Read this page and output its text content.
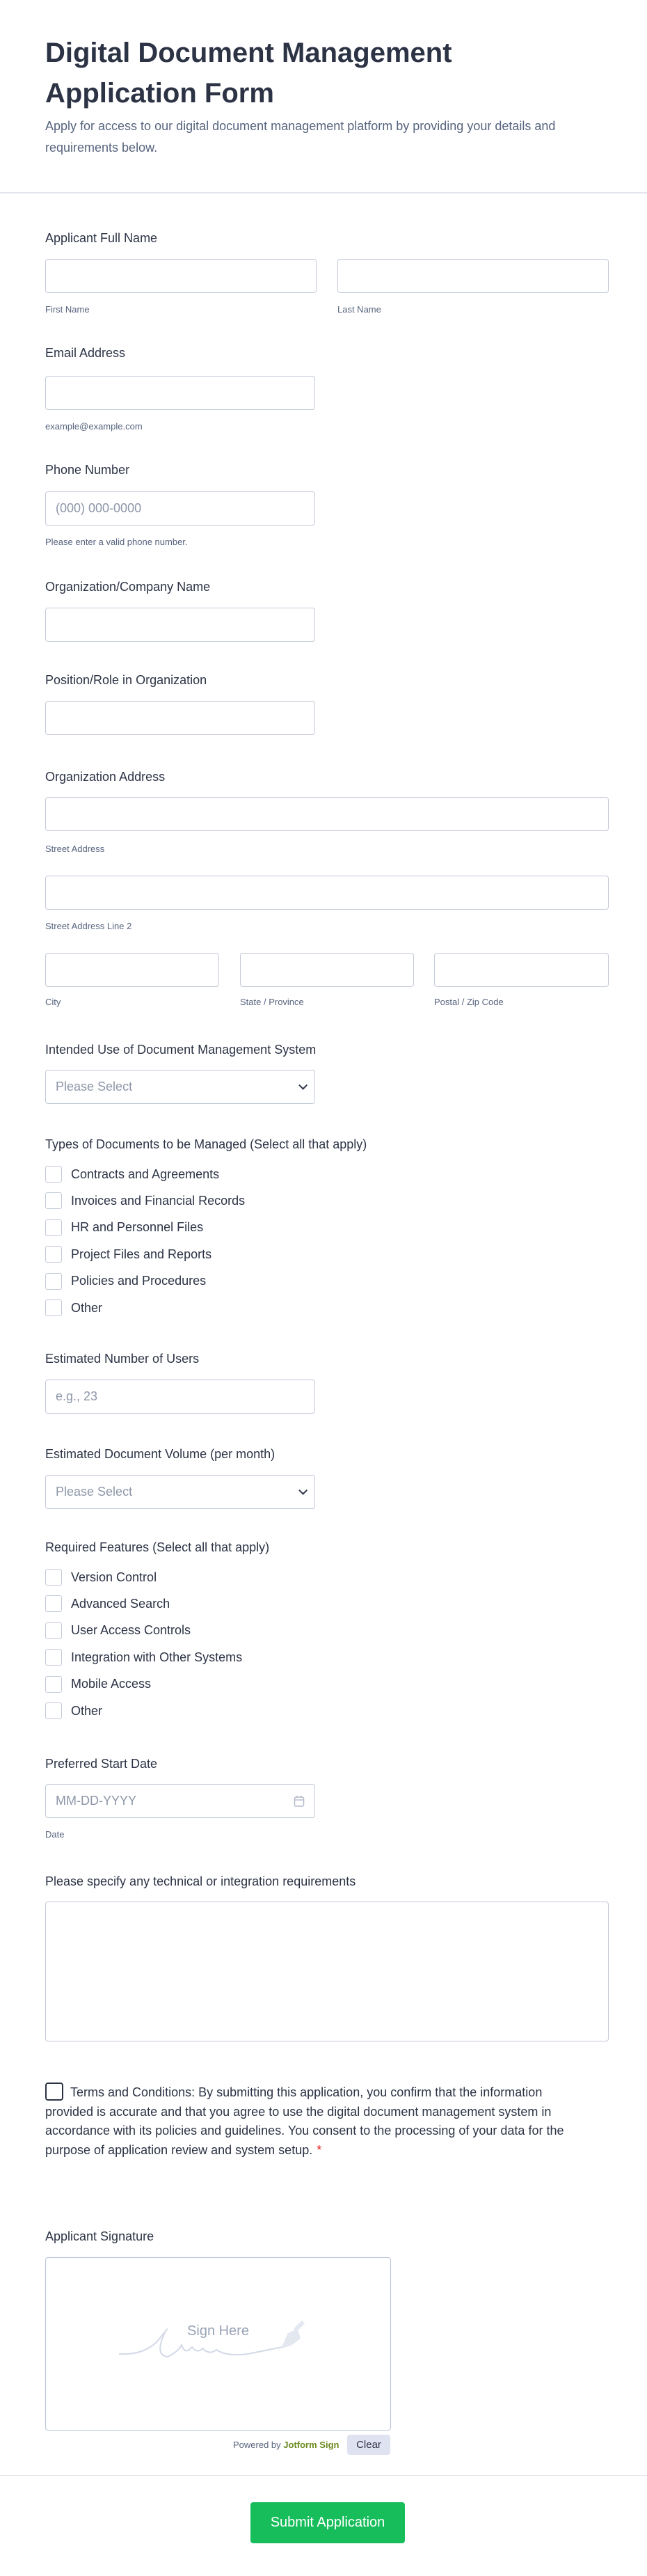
Digital Document Management Application Form
Apply for access to our digital document management platform by providing your details and requirements below.
Applicant Full Name
First Name	Last Name
Email Address
example@example.com
Phone Number
(000) 000-0000
Please enter a valid phone number.
Organization/Company Name
Position/Role in Organization
Organization Address
Street Address
Street Address Line 2
City	State / Province	Postal / Zip Code
Intended Use of Document Management System
Please Select
Types of Documents to be Managed (Select all that apply)
Contracts and Agreements
Invoices and Financial Records
HR and Personnel Files
Project Files and Reports
Policies and Procedures
Other
Estimated Number of Users
e.g., 23
Estimated Document Volume (per month)
Please Select
Required Features (Select all that apply)
Version Control
Advanced Search
User Access Controls
Integration with Other Systems
Mobile Access
Other
Preferred Start Date
MM-DD-YYYY
Date
Please specify any technical or integration requirements
Terms and Conditions: By submitting this application, you confirm that the information provided is accurate and that you agree to use the digital document management system in accordance with its policies and guidelines. You consent to the processing of your data for the purpose of application review and system setup. *
Applicant Signature
Sign Here
Powered by Jotform Sign	Clear
Submit Application
